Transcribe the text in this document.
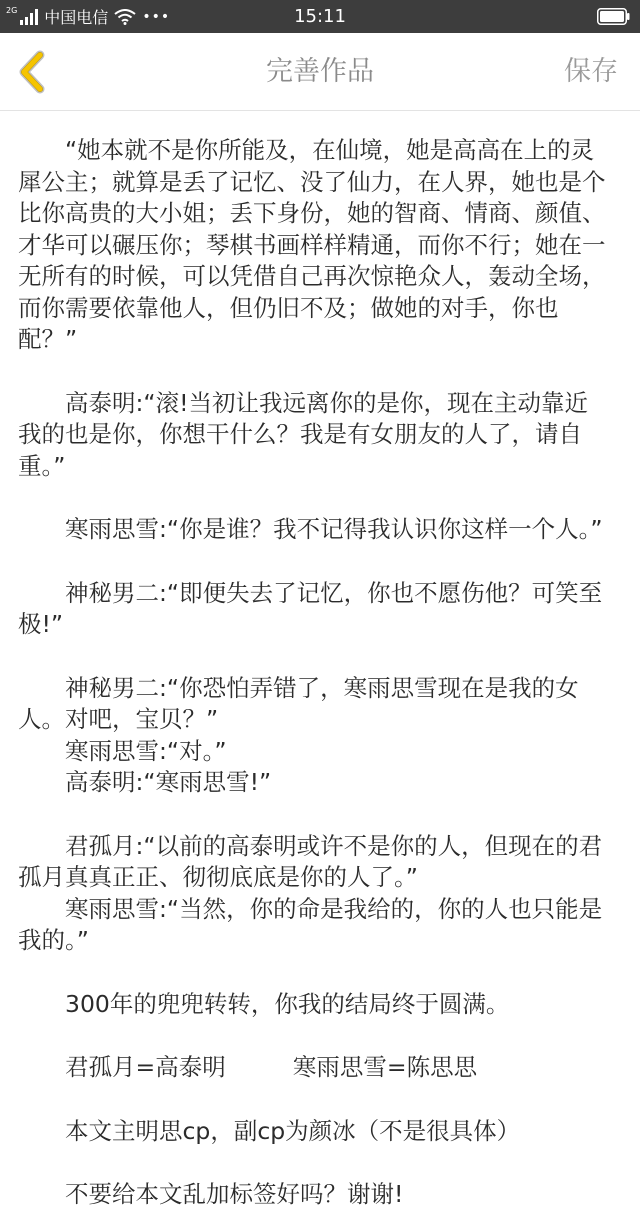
2G 中国电信 •••	15:11
完善作品	保存

“她本就不是你所能及，在仙境，她是高高在上的灵犀公主；就算是丢了记忆、没了仙力，在人界，她也是个比你高贵的大小姐；丢下身份，她的智商、情商、颜值、才华可以碾压你；琴棋书画样样精通，而你不行；她在一无所有的时候，可以凭借自己再次惊艳众人，轰动全场，而你需要依靠他人，但仍旧不及；做她的对手，你也配？”

高泰明:“滚!当初让我远离你的是你，现在主动靠近我的也是你，你想干什么？我是有女朋友的人了，请自重。”

寒雨思雪:“你是谁？我不记得我认识你这样一个人。”

神秘男二:“即便失去了记忆，你也不愿伤他？可笑至极!”

神秘男二:“你恐怕弄错了，寒雨思雪现在是我的女人。对吧，宝贝？”

寒雨思雪:“对。”

高泰明:“寒雨思雪!”

君孤月:“以前的高泰明或许不是你的人，但现在的君孤月真真正正、彻彻底底是你的人了。”

寒雨思雪:“当然，你的命是我给的，你的人也只能是我的。”

300年的兜兜转转，你我的结局终于圆满。

君孤月=高泰明         寒雨思雪=陈思思

本文主明思cp，副cp为颜冰（不是很具体）

不要给本文乱加标签好吗？谢谢!
